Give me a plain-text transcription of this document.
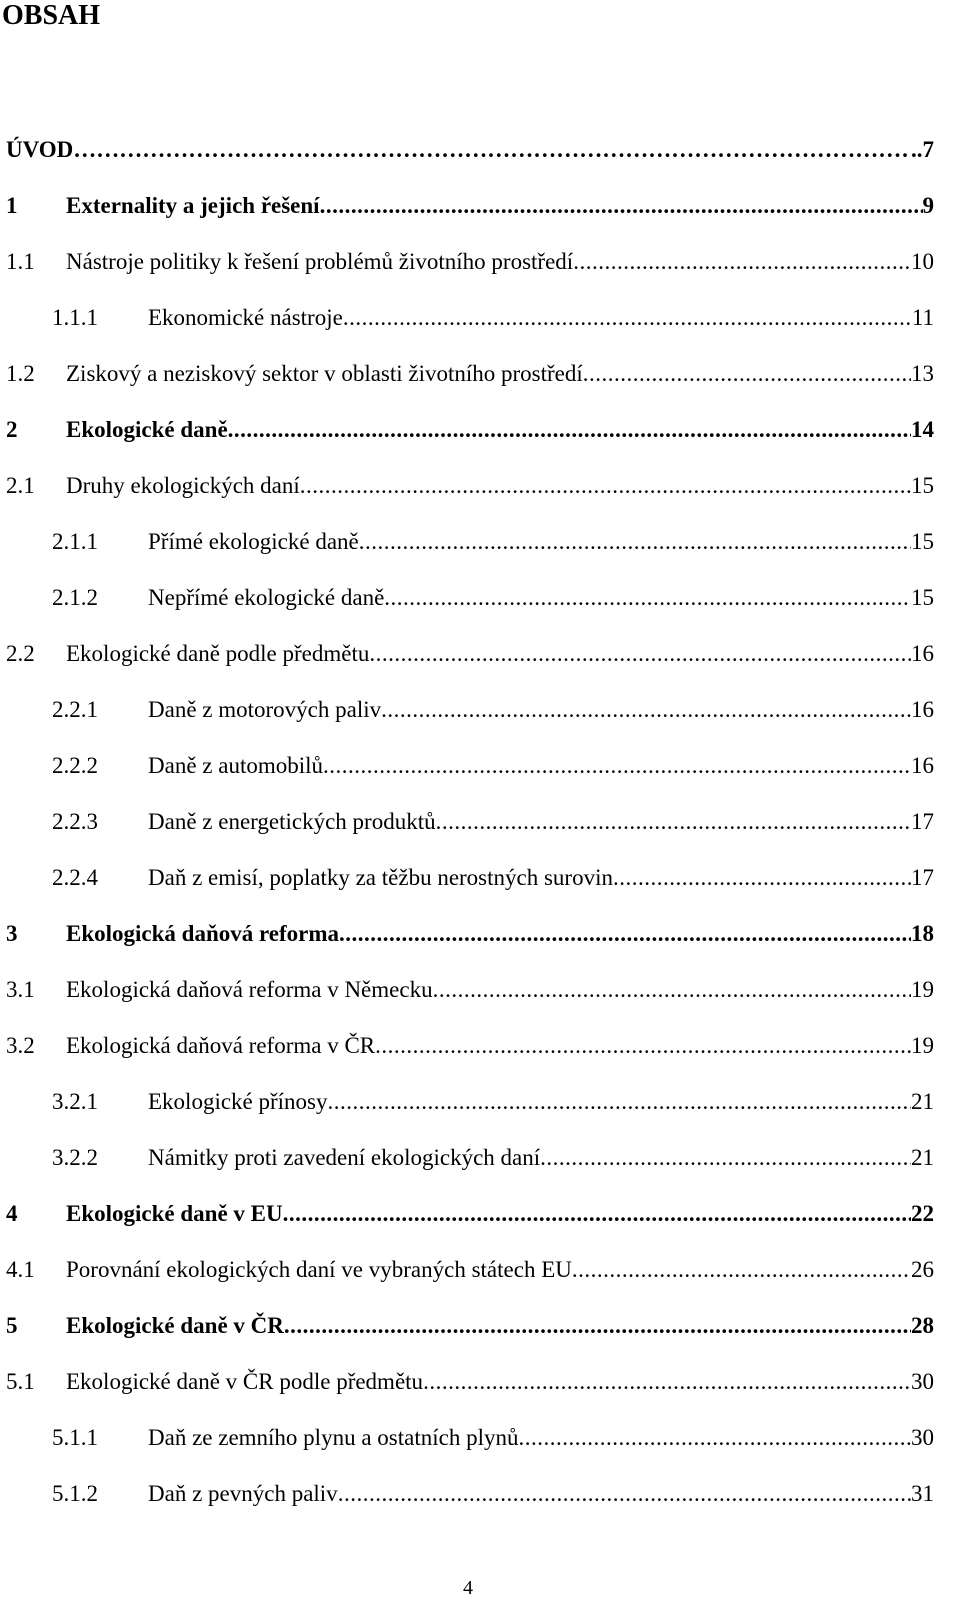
OBSAH
ÚVOD ………………………………………………………………………………………………………………………………………………	..7
1	Externality a jejich řešení .....	9
1.1	Nástroje politiky k řešení problémů životního prostředí .....	10
1.1.1	Ekonomické nástroje .....	11
1.2	Ziskový a neziskový sektor v oblasti životního prostředí .....	13
2	Ekologické daně .....	14
2.1	Druhy ekologických daní .....	15
2.1.1	Přímé ekologické daně .....	15
2.1.2	Nepřímé ekologické daně .....	15
2.2	Ekologické daně podle předmětu .....	16
2.2.1	Daně z motorových paliv .....	16
2.2.2	Daně z automobilů .....	16
2.2.3	Daně z energetických produktů .....	17
2.2.4	Daň z emisí, poplatky za těžbu nerostných surovin .....	17
3	Ekologická daňová reforma .....	18
3.1	Ekologická daňová reforma v Německu .....	19
3.2	Ekologická daňová reforma v ČR .....	19
3.2.1	Ekologické přínosy .....	21
3.2.2	Námitky proti zavedení ekologických daní .....	21
4	Ekologické daně v EU .....	22
4.1	Porovnání ekologických daní ve vybraných státech EU .....	26
5	Ekologické daně v ČR .....	28
5.1	Ekologické daně v ČR podle předmětu .....	30
5.1.1	Daň ze zemního plynu a ostatních plynů .....	30
5.1.2	Daň z pevných paliv .....	31
4
